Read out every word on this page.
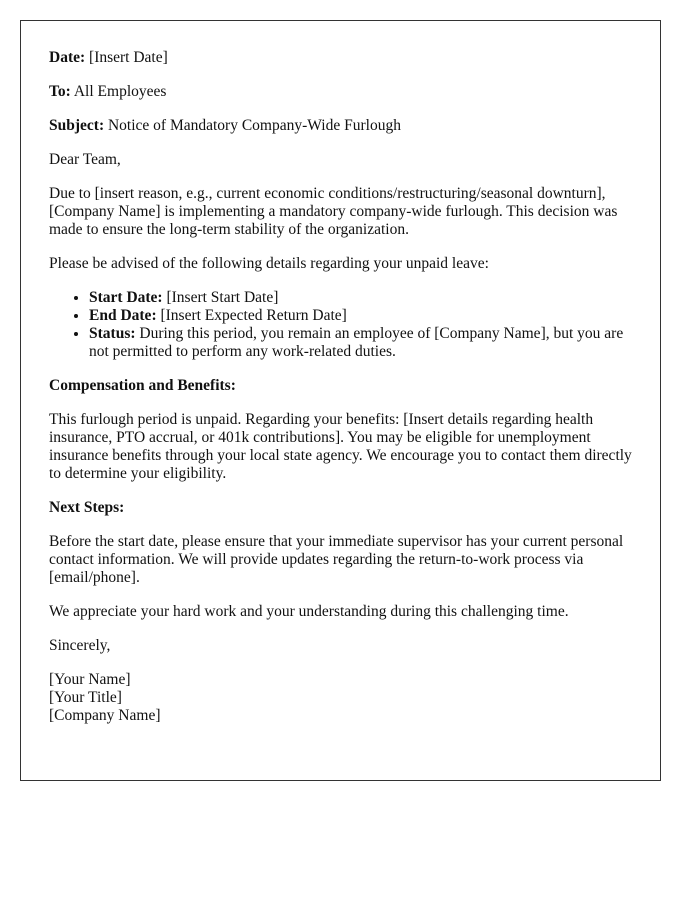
Date: [Insert Date]

To: All Employees

Subject: Notice of Mandatory Company-Wide Furlough

Dear Team,

Due to [insert reason, e.g., current economic conditions/restructuring/seasonal downturn], [Company Name] is implementing a mandatory company-wide furlough. This decision was made to ensure the long-term stability of the organization.

Please be advised of the following details regarding your unpaid leave:

• Start Date: [Insert Start Date]
• End Date: [Insert Expected Return Date]
• Status: During this period, you remain an employee of [Company Name], but you are not permitted to perform any work-related duties.

Compensation and Benefits:

This furlough period is unpaid. Regarding your benefits: [Insert details regarding health insurance, PTO accrual, or 401k contributions]. You may be eligible for unemployment insurance benefits through your local state agency. We encourage you to contact them directly to determine your eligibility.

Next Steps:

Before the start date, please ensure that your immediate supervisor has your current personal contact information. We will provide updates regarding the return-to-work process via [email/phone].

We appreciate your hard work and your understanding during this challenging time.

Sincerely,

[Your Name]
[Your Title]
[Company Name]
